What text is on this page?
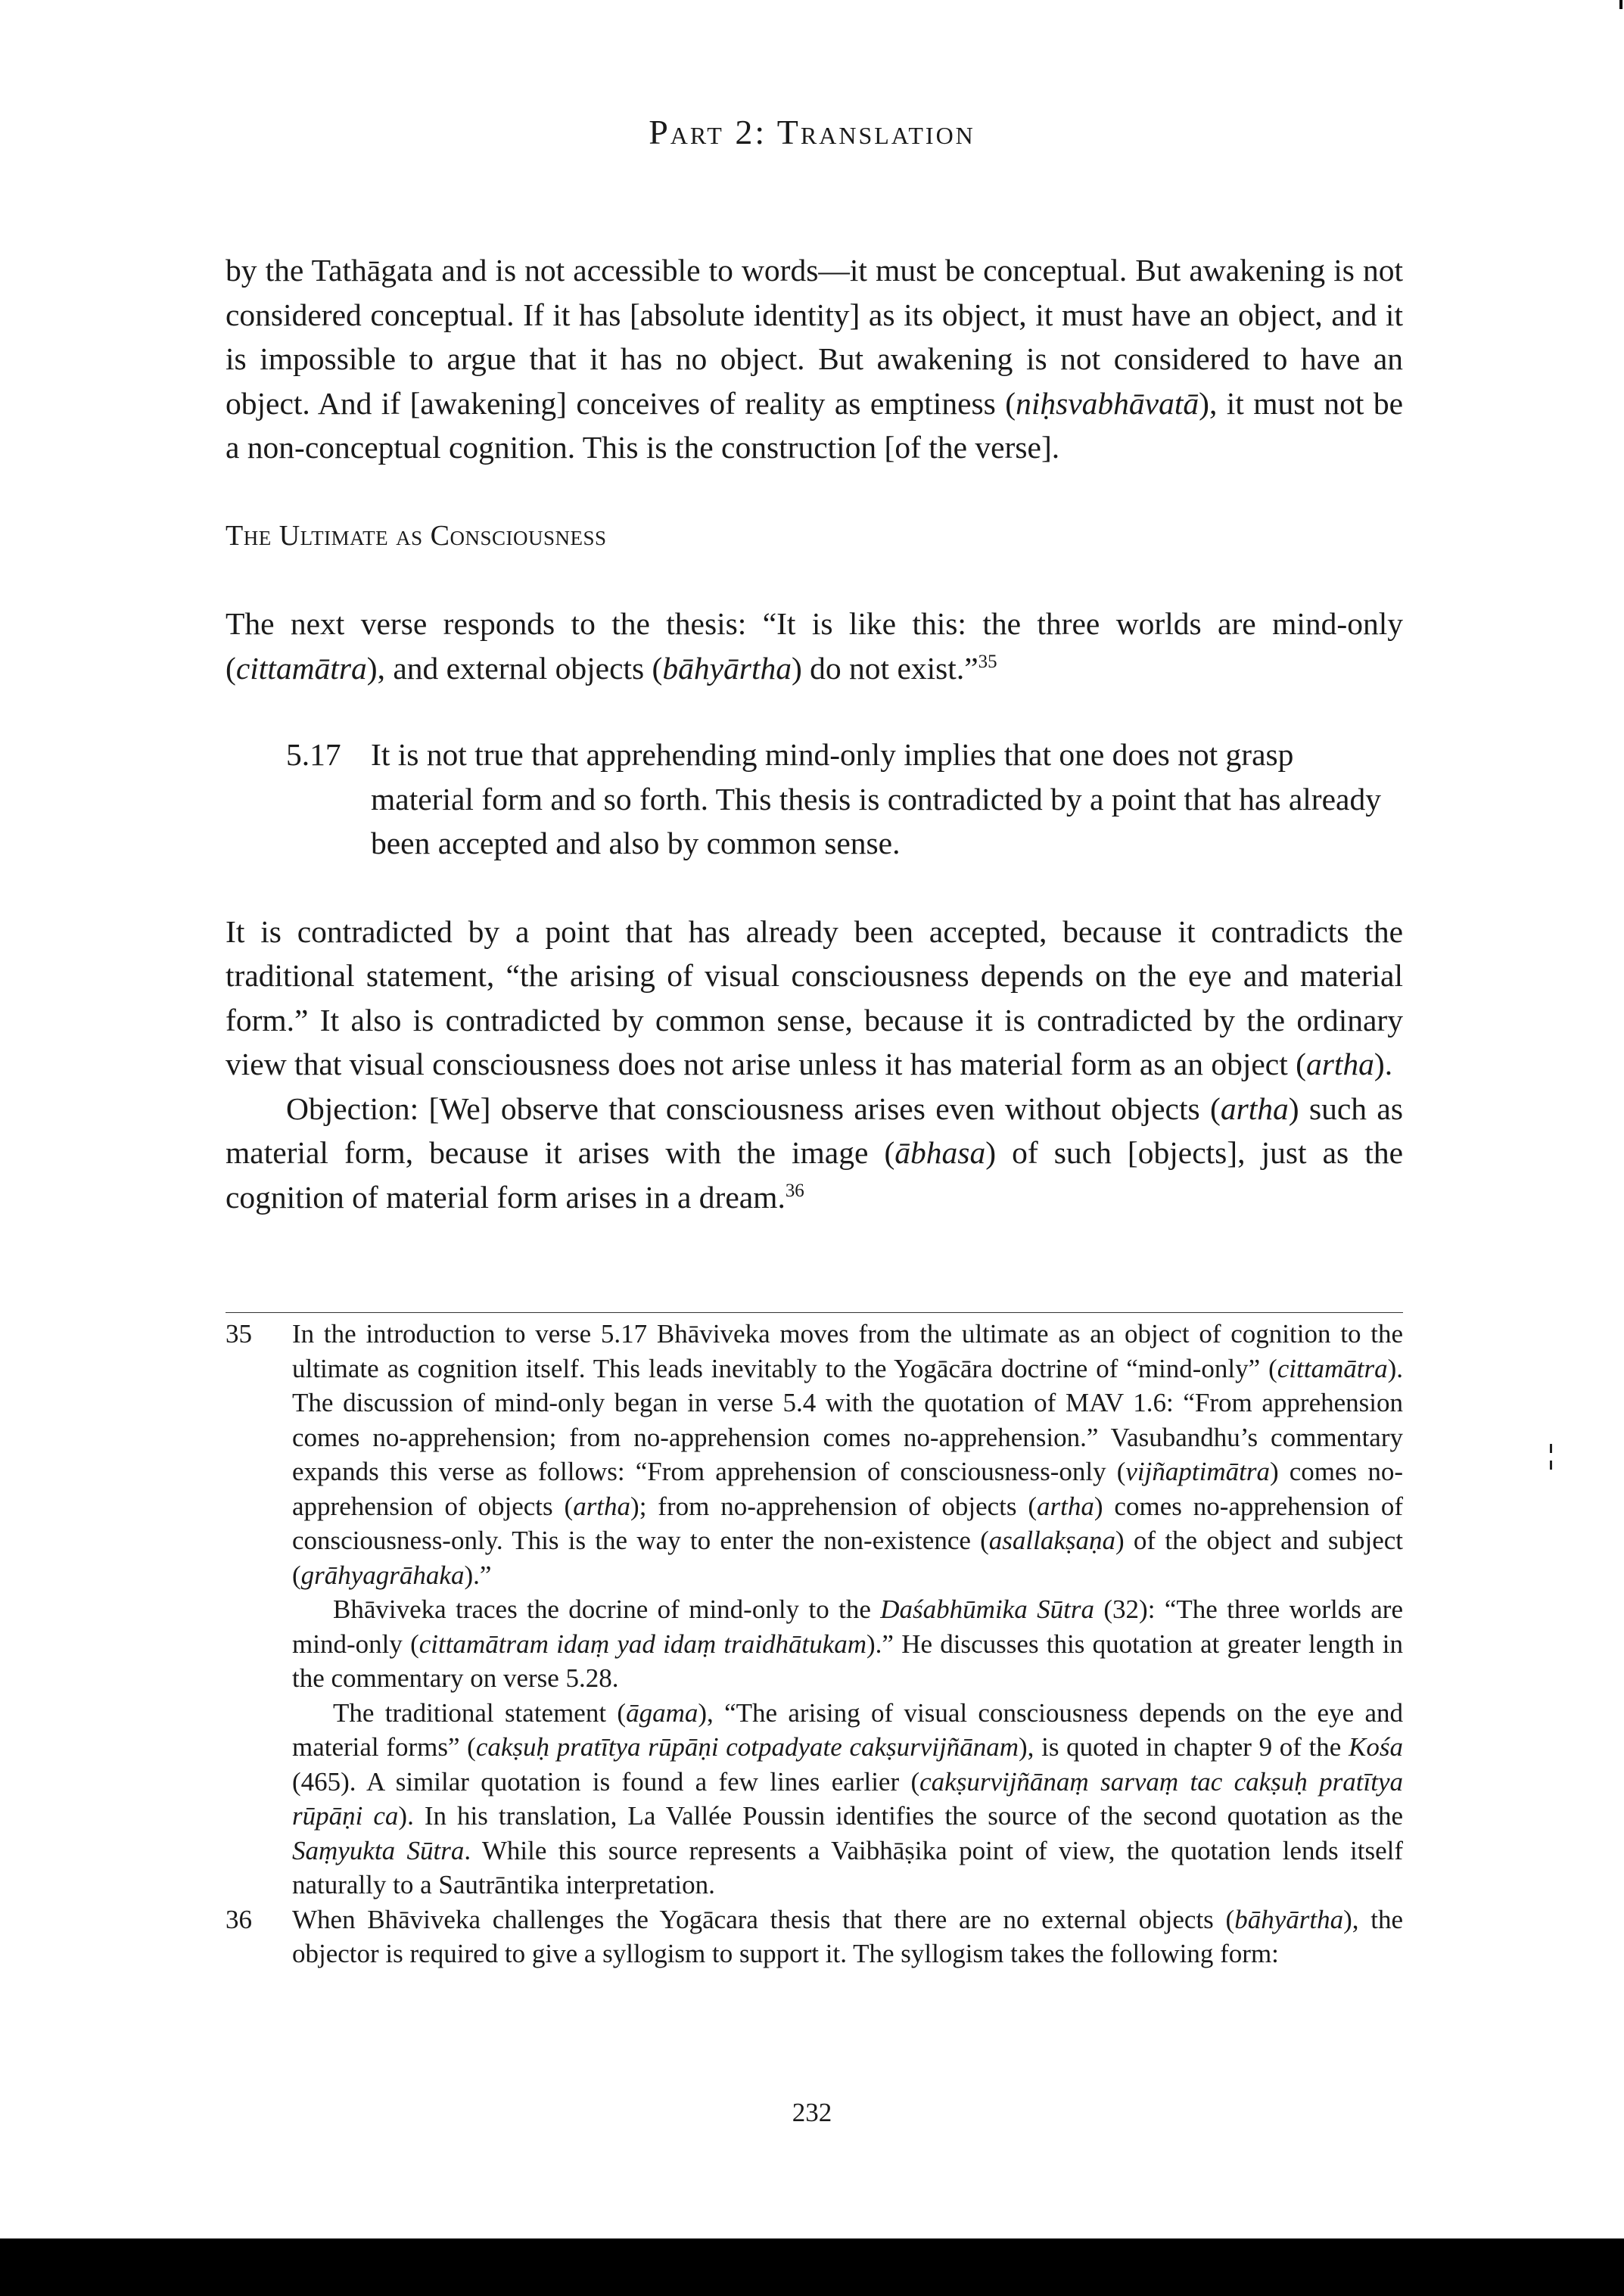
Part 2: Translation

by the Tathāgata and is not accessible to words—it must be conceptual. But awakening is not considered conceptual. If it has [absolute identity] as its object, it must have an object, and it is impossible to argue that it has no object. But awakening is not considered to have an object. And if [awakening] conceives of reality as emptiness (niḥsvabhāvatā), it must not be a non-conceptual cognition. This is the construction [of the verse].

The Ultimate as Consciousness

The next verse responds to the thesis: “It is like this: the three worlds are mind-only (cittamātra), and external objects (bāhyārtha) do not exist.”$^{35}$

5.17 It is not true that apprehending mind-only implies that one does not grasp material form and so forth. This thesis is contradicted by a point that has already been accepted and also by common sense.

It is contradicted by a point that has already been accepted, because it contradicts the traditional statement, “the arising of visual consciousness depends on the eye and material form.” It also is contradicted by common sense, because it is contradicted by the ordinary view that visual consciousness does not arise unless it has material form as an object (artha).

Objection: [We] observe that consciousness arises even without objects (artha) such as material form, because it arises with the image (ābhasa) of such [objects], just as the cognition of material form arises in a dream.$^{36}$

35	In the introduction to verse 5.17 Bhāviveka moves from the ultimate as an object of cognition to the ultimate as cognition itself. This leads inevitably to the Yogācāra doctrine of “mind-only” (cittamātra). The discussion of mind-only began in verse 5.4 with the quotation of MAV 1.6: “From apprehension comes no-apprehension; from no-apprehension comes no-apprehension.” Vasubandhu’s commentary expands this verse as follows: “From apprehension of consciousness-only (vijñaptimātra) comes no-apprehension of objects (artha); from no-apprehension of objects (artha) comes no-apprehension of consciousness-only. This is the way to enter the non-existence (asallakṣaṇa) of the object and subject (grāhyagrāhaka).”

Bhāviveka traces the docrine of mind-only to the Daśabhūmika Sūtra (32): “The three worlds are mind-only (cittamātram idaṃ yad idaṃ traidhātukam).” He discusses this quotation at greater length in the commentary on verse 5.28.

The traditional statement (āgama), “The arising of visual consciousness depends on the eye and material forms” (cakṣuḥ pratītya rūpāṇi cotpadyate cakṣurvijñānam), is quoted in chapter 9 of the Kośa (465). A similar quotation is found a few lines earlier (cakṣurvijñānaṃ sarvaṃ tac cakṣuḥ pratītya rūpāṇi ca). In his translation, La Vallée Poussin identifies the source of the second quotation as the Saṃyukta Sūtra. While this source represents a Vaibhāṣika point of view, the quotation lends itself naturally to a Sautrāntika interpretation.

36	When Bhāviveka challenges the Yogācara thesis that there are no external objects (bāhyārtha), the objector is required to give a syllogism to support it. The syllogism takes the following form:

232
